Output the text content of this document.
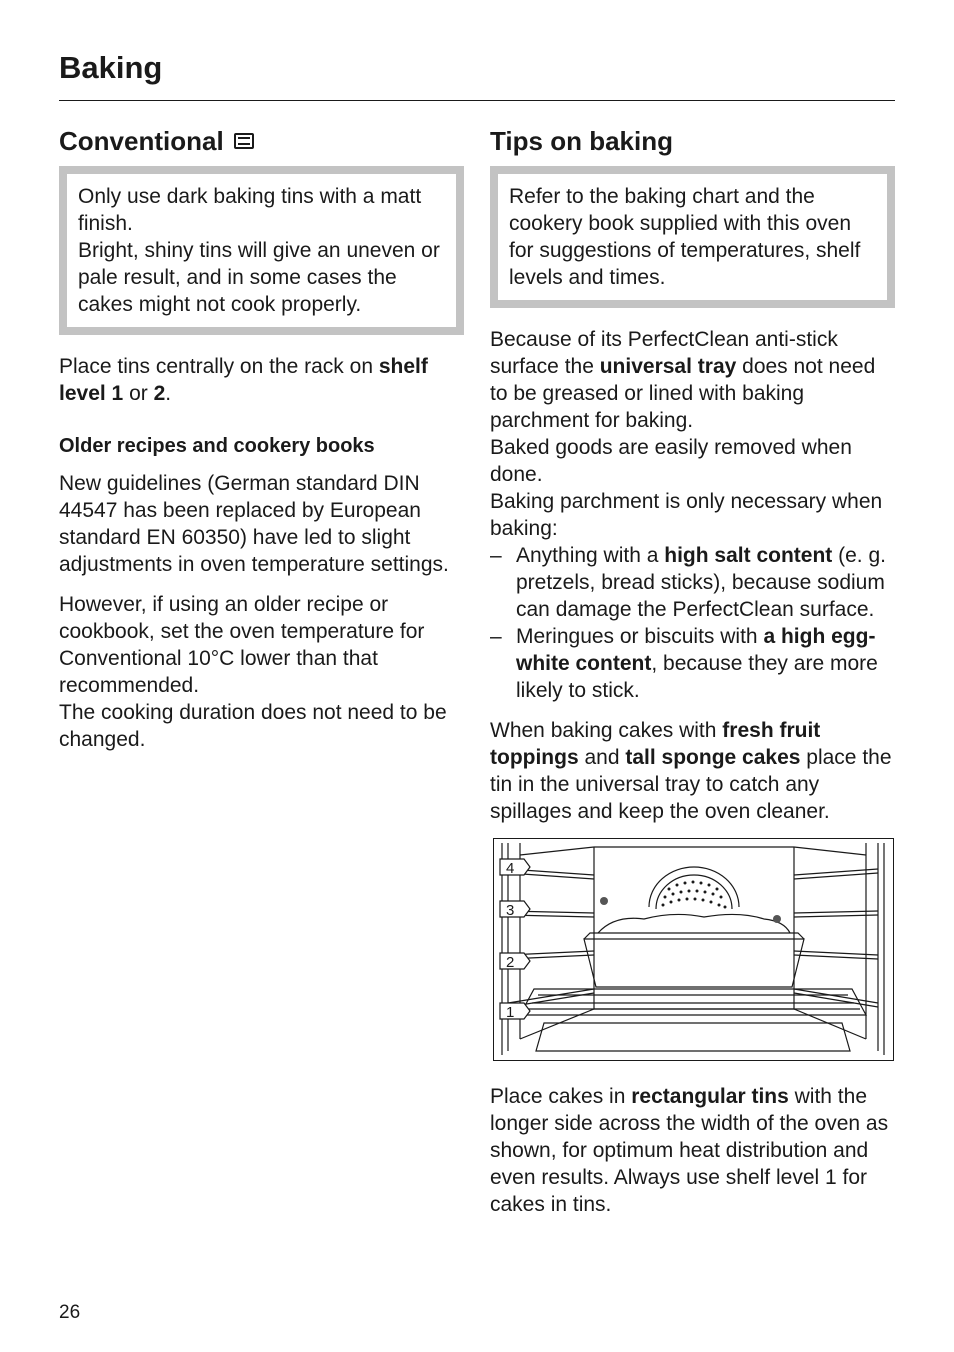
Baking
Conventional
Only use dark baking tins with a matt finish.
Bright, shiny tins will give an uneven or pale result, and in some cases the cakes might not cook properly.

Place tins centrally on the rack on shelf level 1 or 2.

Older recipes and cookery books

New guidelines (German standard DIN 44547 has been replaced by European standard EN 60350) have led to slight adjustments in oven temperature settings.

However, if using an older recipe or cookbook, set the oven temperature for Conventional 10°C lower than that recommended.
The cooking duration does not need to be changed.

Tips on baking
Refer to the baking chart and the cookery book supplied with this oven for suggestions of temperatures, shelf levels and times.

Because of its PerfectClean anti-stick surface the universal tray does not need to be greased or lined with baking parchment for baking.

Baked goods are easily removed when done.

Baking parchment is only necessary when baking:

– Anything with a high salt content (e. g. pretzels, bread sticks), because sodium can damage the PerfectClean surface.
– Meringues or biscuits with a high egg-white content, because they are more likely to stick.

When baking cakes with fresh fruit toppings and tall sponge cakes place the tin in the universal tray to catch any spillages and keep the oven cleaner.

4
3
2
1

Place cakes in rectangular tins with the longer side across the width of the oven as shown, for optimum heat distribution and even results. Always use shelf level 1 for cakes in tins.

26
